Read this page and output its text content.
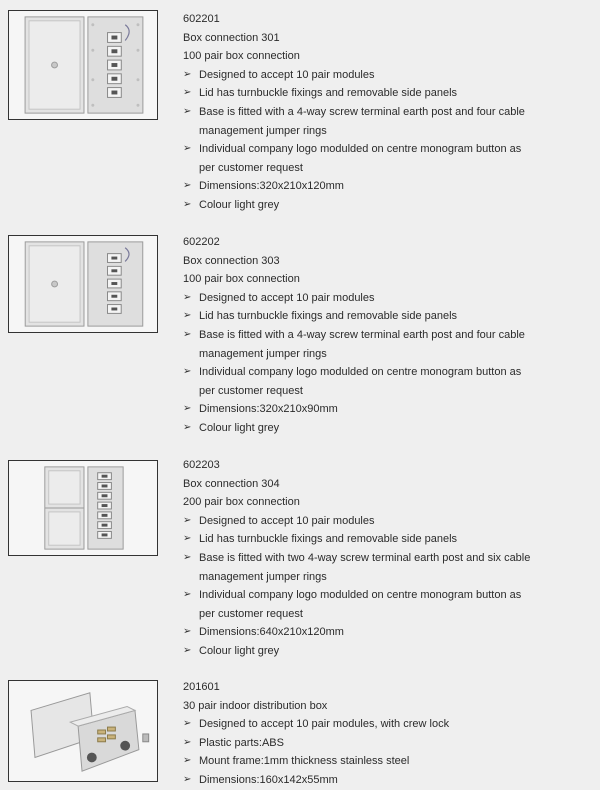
602201
Box connection 301
100 pair box connection
➢ Designed to accept 10 pair modules
➢ Lid has turnbuckle fixings and removable side panels
➢ Base is fitted with a 4-way screw terminal earth post and four cable
management jumper rings
➢ Individual company logo modulded on centre monogram button as
per customer request
➢ Dimensions:320x210x120mm
➢ Colour light grey
602202
Box connection 303
100 pair box connection
➢ Designed to accept 10 pair modules
➢ Lid has turnbuckle fixings and removable side panels
➢ Base is fitted with a 4-way screw terminal earth post and four cable
management jumper rings
➢ Individual company logo modulded on centre monogram button as
per customer request
➢ Dimensions:320x210x90mm
➢ Colour light grey
602203
Box connection 304
200 pair box connection
➢ Designed to accept 10 pair modules
➢ Lid has turnbuckle fixings and removable side panels
➢ Base is fitted with two 4-way screw terminal earth post and six cable
management jumper rings
➢ Individual company logo modulded on centre monogram button as
per customer request
➢ Dimensions:640x210x120mm
➢ Colour light grey
201601
30 pair indoor distribution box
➢ Designed to accept 10 pair modules, with crew lock
➢ Plastic parts:ABS
➢ Mount frame:1mm thickness stainless steel
➢ Dimensions:160x142x55mm
